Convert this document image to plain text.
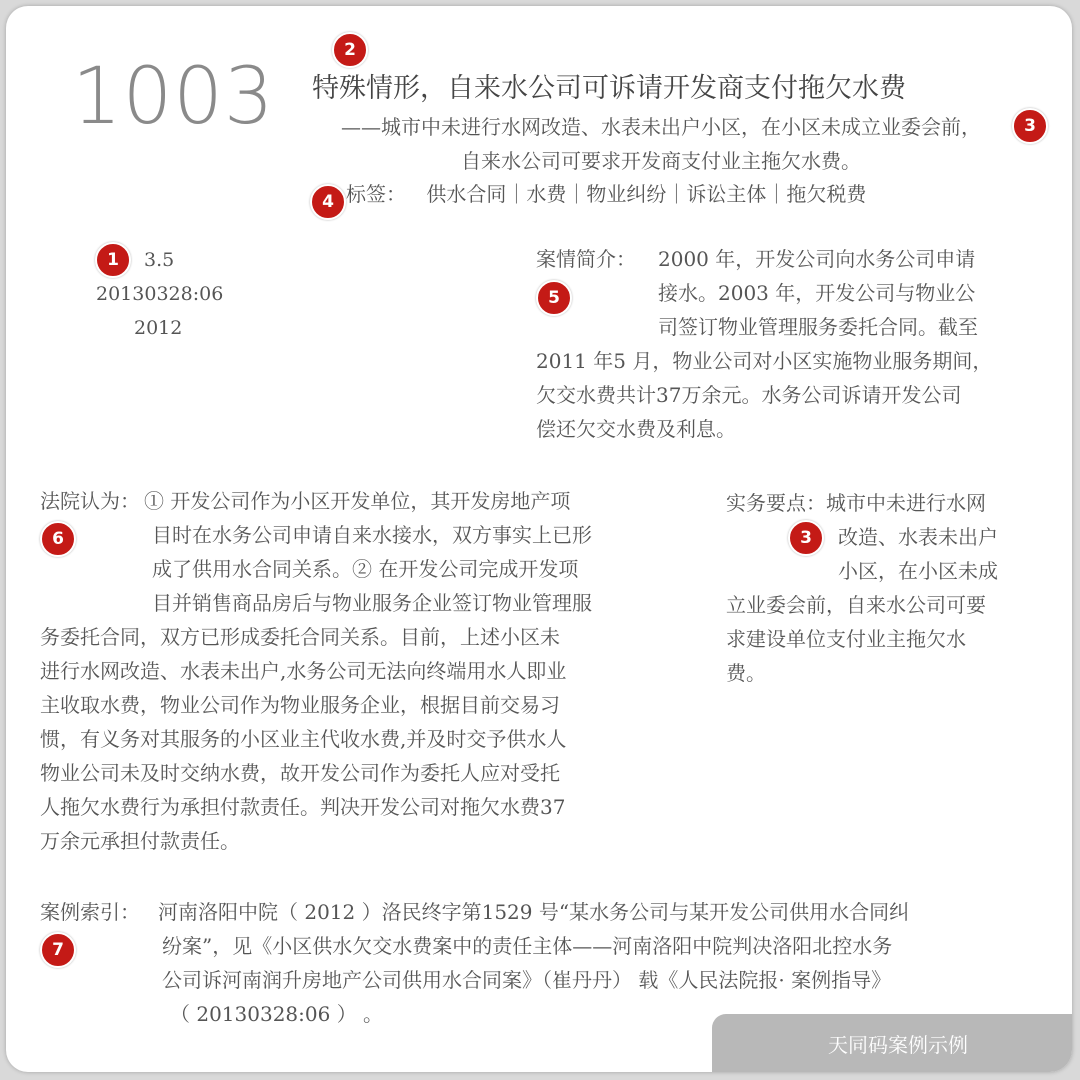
1003
2
特殊情形，自来水公司可诉请开发商支付拖欠水费
——城市中未进行水网改造、水表未出户小区，在小区未成立业委会前，
自来水公司可要求开发商支付业主拖欠水费。
3
4 标签： 供水合同｜水费｜物业纠纷｜诉讼主体｜拖欠税费
1	3.5
20130328:06
2012
案情简介： 2000 年，开发公司向水务公司申请
接水。2003 年，开发公司与物业公
司签订物业管理服务委托合同。截至
2011 年5 月，物业公司对小区实施物业服务期间，
欠交水费共计37万余元。水务公司诉请开发公司
偿还欠交水费及利息。
5
法院认为： ① 开发公司作为小区开发单位，其开发房地产项
目时在水务公司申请自来水接水，双方事实上已形
成了供用水合同关系。② 在开发公司完成开发项
目并销售商品房后与物业服务企业签订物业管理服
务委托合同，双方已形成委托合同关系。目前，上述小区未
进行水网改造、水表未出户,水务公司无法向终端用水人即业
主收取水费，物业公司作为物业服务企业，根据目前交易习
惯，有义务对其服务的小区业主代收水费,并及时交予供水人
物业公司未及时交纳水费，故开发公司作为委托人应对受托
人拖欠水费行为承担付款责任。判决开发公司对拖欠水费37
万余元承担付款责任。
6
实务要点：城市中未进行水网
改造、水表未出户
小区，在小区未成
立业委会前，自来水公司可要
求建设单位支付业主拖欠水
费。
3
案例索引： 河南洛阳中院（ 2012 ）洛民终字第1529 号“某水务公司与某开发公司供用水合同纠
纷案”，见《小区供水欠交水费案中的责任主体——河南洛阳中院判决洛阳北控水务
公司诉河南润升房地产公司供用水合同案》（崔丹丹） 载《人民法院报· 案例指导》
（ 20130328:06 ） 。
7
天同码案例示例
